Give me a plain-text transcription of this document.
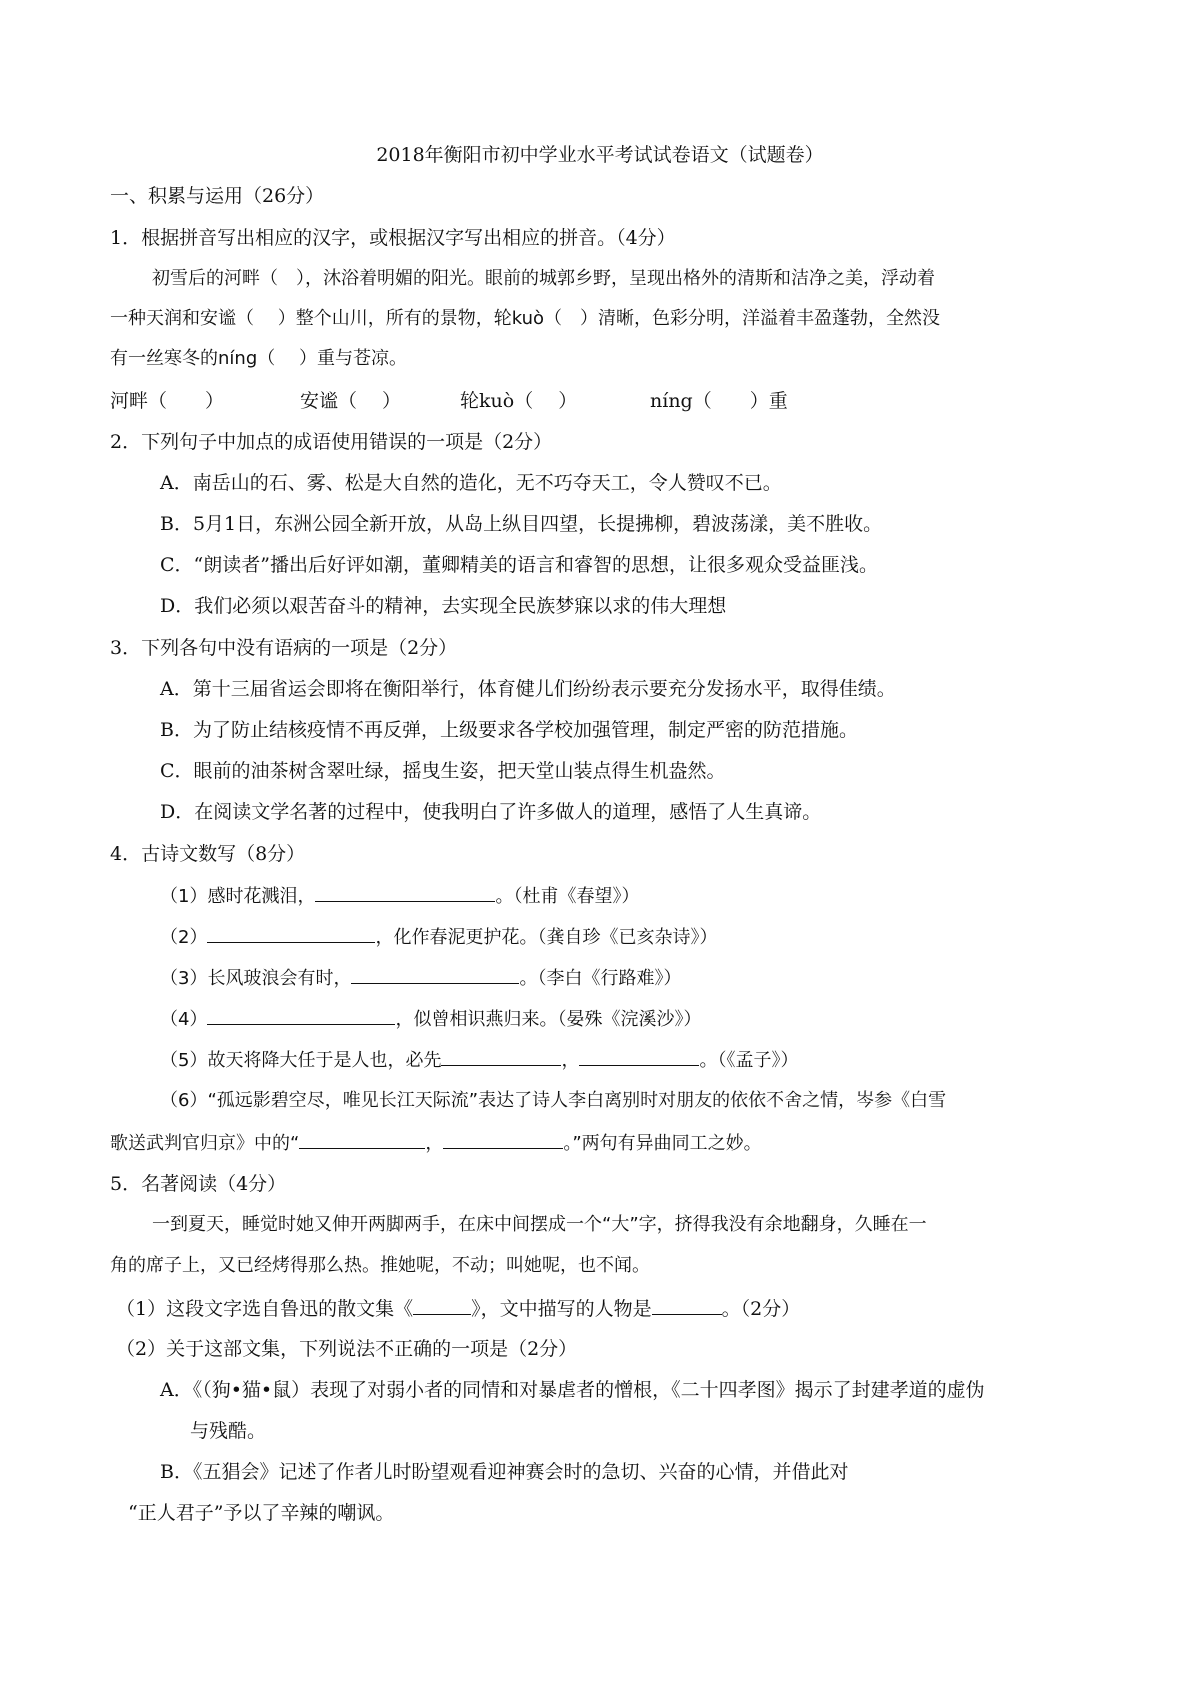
2018年衡阳市初中学业水平考试试卷语文（试题卷）
一、积累与运用（26分）
1．根据拼音写出相应的汉字，或根据汉字写出相应的拼音。（4分）
初雪后的河畔（　），沐浴着明媚的阳光。眼前的城郭乡野，呈现出格外的清斯和洁净之美，浮动着
一种天润和安谧（　 ）整个山川，所有的景物，轮kuò（　）清晰，色彩分明，洋溢着丰盈蓬勃，全然没
有一丝寒冬的níng（　 ）重与苍凉。
河畔（　　）	安谧（　 ）	轮kuò（　 ）	níng（　　）重
2．下列句子中加点的成语使用错误的一项是（2分）
A．南岳山的石、雾、松是大自然的造化，无不巧夺天工，令人赞叹不已。
B．5月1日，东洲公园全新开放，从岛上纵目四望，长提拂柳，碧波荡漾，美不胜收。
C．“朗读者”播出后好评如潮，董卿精美的语言和睿智的思想，让很多观众受益匪浅。
D．我们必须以艰苦奋斗的精神，去实现全民族梦寐以求的伟大理想
3．下列各句中没有语病的一项是（2分）
A．第十三届省运会即将在衡阳举行，体育健儿们纷纷表示要充分发扬水平，取得佳绩。
B．为了防止结核疫情不再反弹，上级要求各学校加强管理，制定严密的防范措施。
C．眼前的油茶树含翠吐绿，摇曳生姿，把天堂山装点得生机盎然。
D．在阅读文学名著的过程中，使我明白了许多做人的道理，感悟了人生真谛。
4．古诗文数写（8分）
（1）感时花溅泪，	。（杜甫《春望》）
（2）	，化作春泥更护花。（龚自珍《已亥杂诗》）
（3）长风玻浪会有时，	。（李白《行路难》）
（4）	，似曾相识燕归来。（晏殊《浣溪沙》）
（5）故天将降大任于是人也，必先	，	。（《孟子》）
（6）“孤远影碧空尽，唯见长江天际流”表达了诗人李白离别时对朋友的依依不舍之情，岑参《白雪
歌送武判官归京》中的“	，	。”两句有异曲同工之妙。
5．名著阅读（4分）
一到夏天，睡觉时她又伸开两脚两手，在床中间摆成一个“大”字，挤得我没有余地翻身，久睡在一
角的席子上，又已经烤得那么热。推她呢，不动；叫她呢，也不闻。
（1）这段文字选自鲁迅的散文集《	》，文中描写的人物是	。（2分）
（2）关于这部文集，下列说法不正确的一项是（2分）
A．《（狗•猫•鼠）表现了对弱小者的同情和对暴虐者的憎根，《二十四孝图》揭示了封建孝道的虚伪
与残酷。
B．《五猖会》记述了作者儿时盼望观看迎神赛会时的急切、兴奋的心情，并借此对
“正人君子”予以了辛辣的嘲讽。
